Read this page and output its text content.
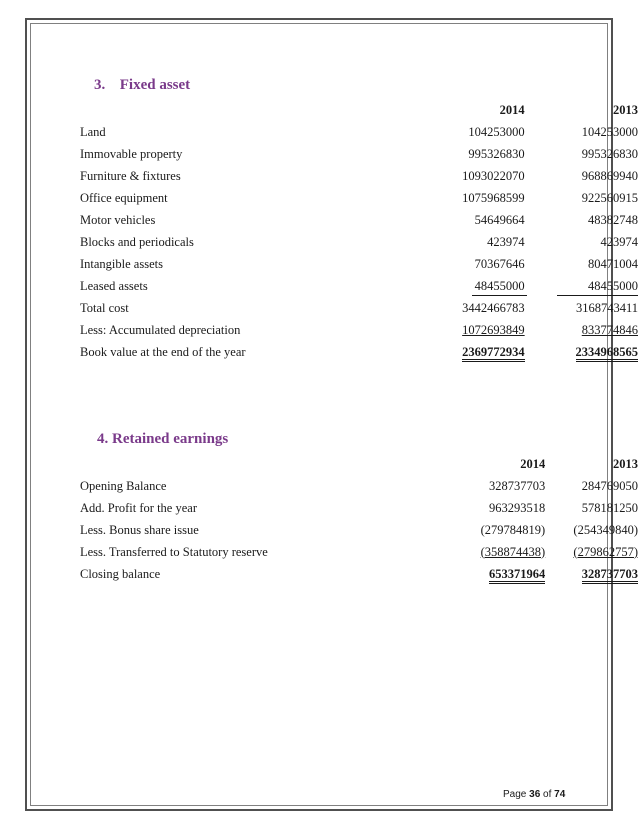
3. Fixed asset
	2014	2013
Land	104253000	104253000
Immovable property	995326830	995326830
Furniture & fixtures	1093022070	968869940
Office equipment	1075968599	922560915
Motor vehicles	54649664	48382748
Blocks and periodicals	423974	423974
Intangible assets	70367646	80471004
Leased assets	48455000	48455000
Total cost	3442466783	3168743411
Less: Accumulated depreciation	1072693849	833774846
Book value at the end of the year	2369772934	2334968565
4. Retained earnings
	2014	2013
Opening Balance	328737703	284769050
Add. Profit for the year	963293518	578181250
Less. Bonus share issue	(279784819)	(254349840)
Less. Transferred to Statutory reserve	(358874438)	(279862757)
Closing balance	653371964	328737703
Page 36 of 74
